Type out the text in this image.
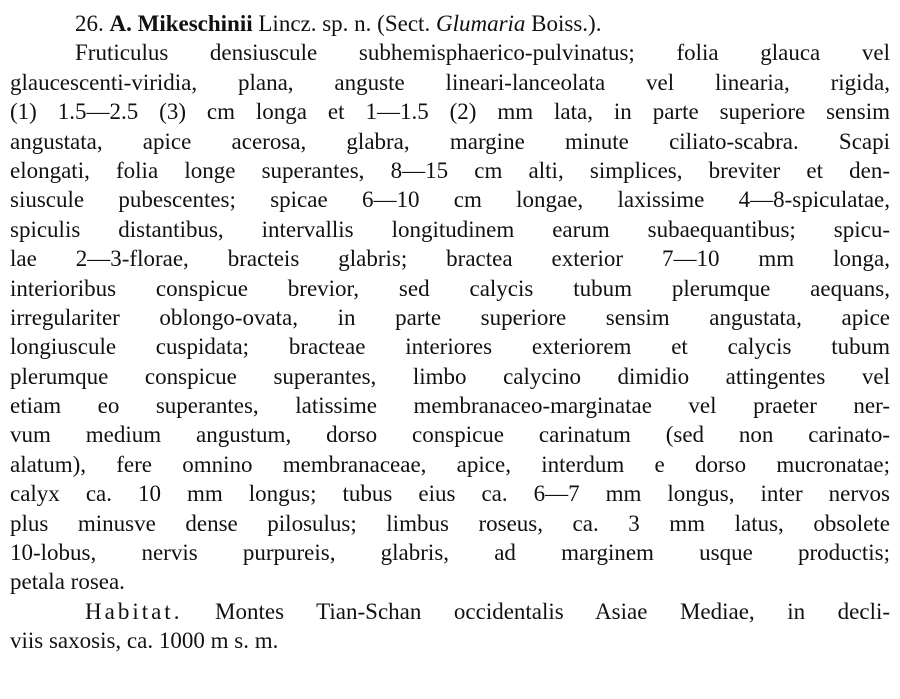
26. A. Mikeschinii Lincz. sp. n. (Sect. Glumaria Boiss.).
Fruticulus densiuscule subhemisphaerico-pulvinatus; folia glauca vel
glaucescenti-viridia, plana, anguste lineari-lanceolata vel linearia, rigida,
(1) 1.5—2.5 (3) cm longa et 1—1.5 (2) mm lata, in parte superiore sensim
angustata, apice acerosa, glabra, margine minute ciliato-scabra. Scapi
elongati, folia longe superantes, 8—15 cm alti, simplices, breviter et den-
siuscule pubescentes; spicae 6—10 cm longae, laxissime 4—8-spiculatae,
spiculis distantibus, intervallis longitudinem earum subaequantibus; spicu-
lae 2—3-florae, bracteis glabris; bractea exterior 7—10 mm longa,
interioribus conspicue brevior, sed calycis tubum plerumque aequans,
irregulariter oblongo-ovata, in parte superiore sensim angustata, apice
longiuscule cuspidata; bracteae interiores exteriorem et calycis tubum
plerumque conspicue superantes, limbo calycino dimidio attingentes vel
etiam eo superantes, latissime membranaceo-marginatae vel praeter ner-
vum medium angustum, dorso conspicue carinatum (sed non carinato-
alatum), fere omnino membranaceae, apice, interdum e dorso mucronatae;
calyx ca. 10 mm longus; tubus eius ca. 6—7 mm longus, inter nervos
plus minusve dense pilosulus; limbus roseus, ca. 3 mm latus, obsolete
10-lobus, nervis purpureis, glabris, ad marginem usque productis;
petala rosea.
Habitat. Montes Tian-Schan occidentalis Asiae Mediae, in decli-
viis saxosis, ca. 1000 m s. m.
